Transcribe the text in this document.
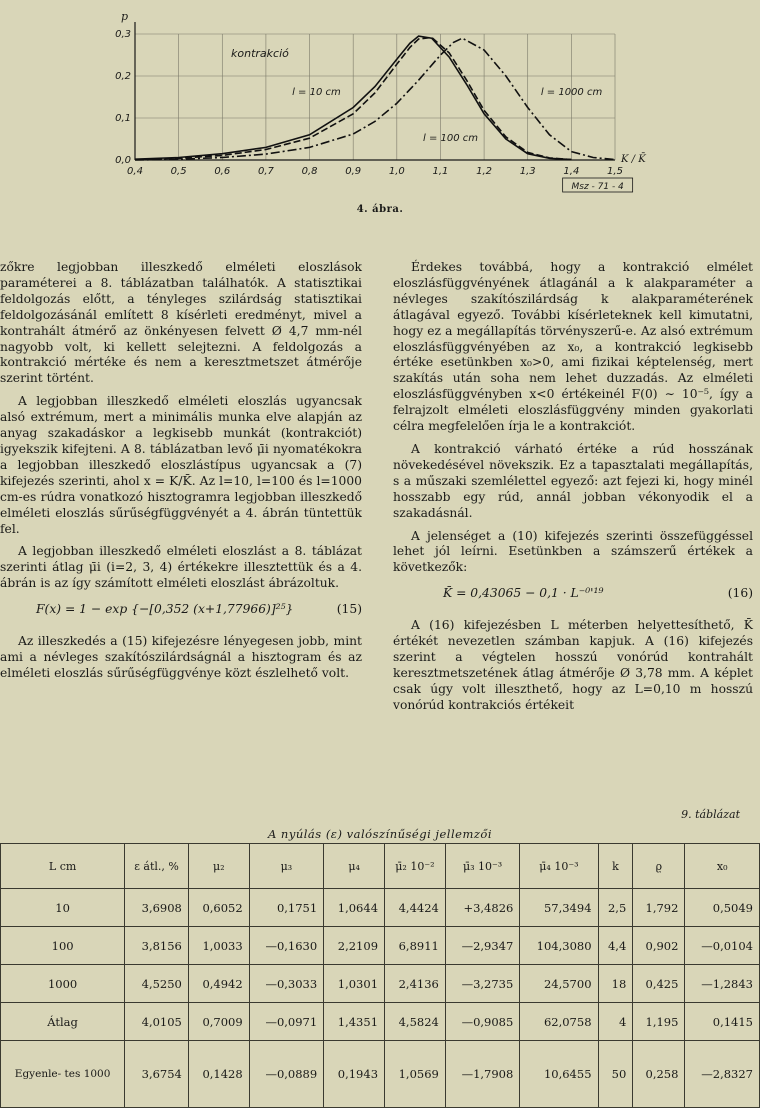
0,4	0,5	0,6	0,7	0,8	0,9	1,0	1,1	1,2	1,3	1,4	1,5
0,0
0,1
0,2
0,3
p
K / K̄
kontrakció
l = 10 cm
l = 100 cm
l = 1000 cm
Msz - 71 - 4
4. ábra.

zőkre legjobban illeszkedő elméleti eloszlások paraméterei a 8. táblázatban találhatók. A statisztikai feldolgozás előtt, a tényleges szilárdság statisztikai feldolgozásánál említett 8 kísérleti eredményt, mivel a kontrahált átmérő az önkényesen felvett Ø 4,7 mm-nél nagyobb volt, ki kellett selejtezni. A feldolgozás a kontrakció mértéke és nem a keresztmetszet átmérője szerint történt.

A legjobban illeszkedő elméleti eloszlás ugyancsak alsó extrémum, mert a minimális munka elve alapján az anyag szakadáskor a legkisebb munkát (kontrakciót) igyekszik kifejteni. A 8. táblázatban levő μ̄i nyomatékokra a legjobban illeszkedő eloszlástípus ugyancsak a (7) kifejezés szerinti, ahol x = K/K̄. Az l=10, l=100 és l=1000 cm-es rúdra vonatkozó hisztogramra legjobban illeszkedő elméleti eloszlás sűrűségfüggvényét a 4. ábrán tüntettük fel.

A legjobban illeszkedő elméleti eloszlást a 8. táblázat szerinti átlag μ̄i (i=2, 3, 4) értékekre illesztettük és a 4. ábrán is az így számított elméleti eloszlást ábrázoltuk.

F(x) = 1 − exp {−[0,352 (x+1,77966)]²⁵}	(15)

Az illeszkedés a (15) kifejezésre lényegesen jobb, mint ami a névleges szakítószilárdságnál a hisztogram és az elméleti eloszlás sűrűségfüggvénye közt észlelhető volt.

Érdekes továbbá, hogy a kontrakció elmélet eloszlásfüggvényének átlagánál a k alakparaméter a névleges szakítószilárdság k alakparaméterének átlagával egyező. További kísérleteknek kell kimutatni, hogy ez a megállapítás törvényszerű-e. Az alsó extrémum eloszlásfüggvényében az x₀, a kontrakció legkisebb értéke esetünkben x₀>0, ami fizikai képtelenség, mert szakítás után soha nem lehet duzzadás. Az elméleti eloszlásfüggvényben x<0 értékeinél F(0) ∼ 10⁻⁵, így a felrajzolt elméleti eloszlásfüggvény minden gyakorlati célra megfelelően írja le a kontrakciót.

A kontrakció várható értéke a rúd hosszának növekedésével növekszik. Ez a tapasztalati megállapítás, s a műszaki szemlélettel egyező: azt fejezi ki, hogy minél hosszabb egy rúd, annál jobban vékonyodik el a szakadásnál.

A jelenséget a (10) kifejezés szerinti összefüggéssel lehet jól leírni. Esetünkben a számszerű értékek a következők:

K̄ = 0,43065 − 0,1 · L⁻⁰'¹⁹	(16)

A (16) kifejezésben L méterben helyettesíthető, K̄ értékét nevezetlen számban kapjuk. A (16) kifejezés szerint a végtelen hosszú vonórúd kontrahált keresztmetszetének átlag átmérője Ø 3,78 mm. A képlet csak úgy volt illeszthető, hogy az L=0,10 m hosszú vonórúd kontrakciós értékeit

9. táblázat
A nyúlás (ε) valószínűségi jellemzői
L cm	ε átl., %	μ₂	μ₃	μ₄	μ̄₂ 10⁻²	μ̄₃ 10⁻³	μ̄₄ 10⁻³	k	ϱ	x₀
10	3,6908	0,6052	0,1751	1,0644	4,4424	+3,4826	57,3494	2,5	1,792	0,5049
100	3,8156	1,0033	—0,1630	2,2109	6,8911	—2,9347	104,3080	4,4	0,902	—0,0104
1000	4,5250	0,4942	—0,3033	1,0301	2,4136	—3,2735	24,5700	18	0,425	—1,2843
Átlag	4,0105	0,7009	—0,0971	1,4351	4,5824	—0,9085	62,0758	4	1,195	0,1415
Egyenle- tes 1000	3,6754	0,1428	—0,0889	0,1943	1,0569	—1,7908	10,6455	50	0,258	—2,8327
